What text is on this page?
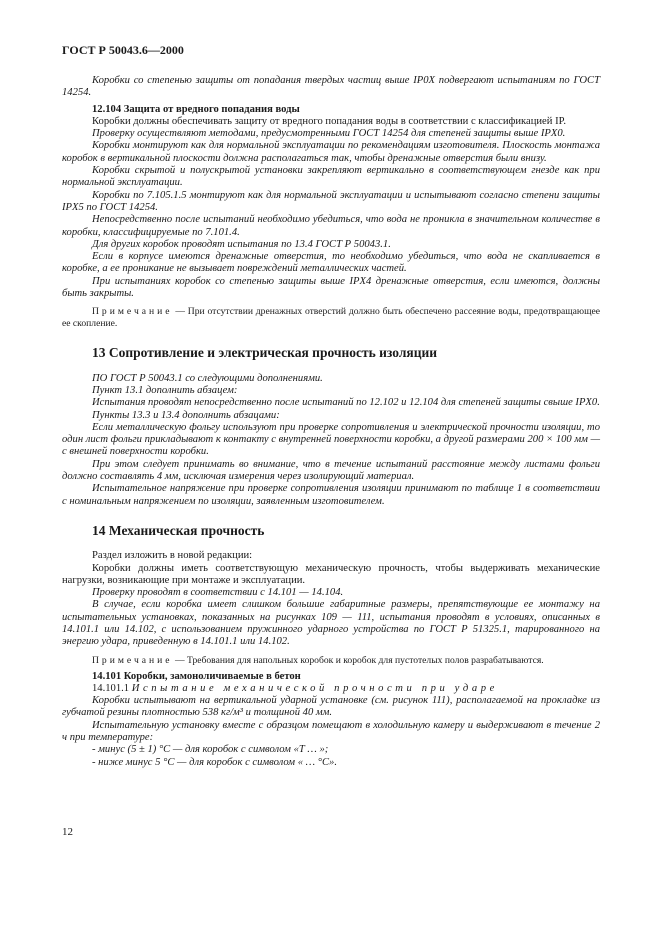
ГОСТ Р 50043.6—2000

Коробки со степенью защиты от попадания твердых частиц выше IP0X подвергают испытаниям по ГОСТ 14254.

12.104 Защита от вредного попадания воды

Коробки должны обеспечивать защиту от вредного попадания воды в соответствии с классификацией IP.

Проверку осуществляют методами, предусмотренными ГОСТ 14254 для степеней защиты выше IPX0.

Коробки монтируют как для нормальной эксплуатации по рекомендациям изготовителя. Плоскость монтажа коробок в вертикальной плоскости должна располагаться так, чтобы дренажные отверстия были внизу.

Коробки скрытой и полускрытой установки закрепляют вертикально в соответствующем гнезде как при нормальной эксплуатации.

Коробки по 7.105.1.5 монтируют как для нормальной эксплуатации и испытывают согласно степени защиты IPX5 по ГОСТ 14254.

Непосредственно после испытаний необходимо убедиться, что вода не проникла в значительном количестве в коробки, классифицируемые по 7.101.4.

Для других коробок проводят испытания по 13.4 ГОСТ Р 50043.1.

Если в корпусе имеются дренажные отверстия, то необходимо убедиться, что вода не скапливается в коробке, а ее проникание не вызывает повреждений металлических частей.

При испытаниях коробок со степенью защиты выше IPX4 дренажные отверстия, если имеются, должны быть закрыты.

Примечание — При отсутствии дренажных отверстий должно быть обеспечено рассеяние воды, предотвращающее ее скопление.

13 Сопротивление и электрическая прочность изоляции

ПО ГОСТ Р 50043.1 со следующими дополнениями.

Пункт 13.1 дополнить абзацем:

Испытания проводят непосредственно после испытаний по 12.102 и 12.104 для степеней защиты свыше IPX0.

Пункты 13.3 и 13.4 дополнить абзацами:

Если металлическую фольгу используют при проверке сопротивления и электрической прочности изоляции, то один лист фольги прикладывают к контакту с внутренней поверхности коробки, а другой размерами 200 × 100 мм — с внешней поверхности коробки.

При этом следует принимать во внимание, что в течение испытаний расстояние между листами фольги должно составлять 4 мм, исключая измерения через изолирующий материал.

Испытательное напряжение при проверке сопротивления изоляции принимают по таблице 1 в соответствии с номинальным напряжением по изоляции, заявленным изготовителем.

14 Механическая прочность

Раздел изложить в новой редакции:

Коробки должны иметь соответствующую механическую прочность, чтобы выдерживать механические нагрузки, возникающие при монтаже и эксплуатации.

Проверку проводят в соответствии с 14.101 — 14.104.

В случае, если коробка имеет слишком большие габаритные размеры, препятствующие ее монтажу на испытательных установках, показанных на рисунках 109 — 111, испытания проводят в условиях, описанных в 14.101.1 или 14.102, с использованием пружинного ударного устройства по ГОСТ Р 51325.1, тарированного на энергию удара, приведенную в 14.101.1 или 14.102.

Примечание — Требования для напольных коробок и коробок для пустотелых полов разрабатываются.

14.101 Коробки, замоноличиваемые в бетон

14.101.1 Испытание механической прочности при ударе

Коробки испытывают на вертикальной ударной установке (см. рисунок 111), располагаемой на прокладке из губчатой резины плотностью 538 кг/м³ и толщиной 40 мм.

Испытательную установку вместе с образцом помещают в холодильную камеру и выдерживают в течение 2 ч при температуре:

- минус (5 ± 1) °С — для коробок с символом «Т … »;

- ниже минус 5 °С — для коробок с символом « … °С».

12
